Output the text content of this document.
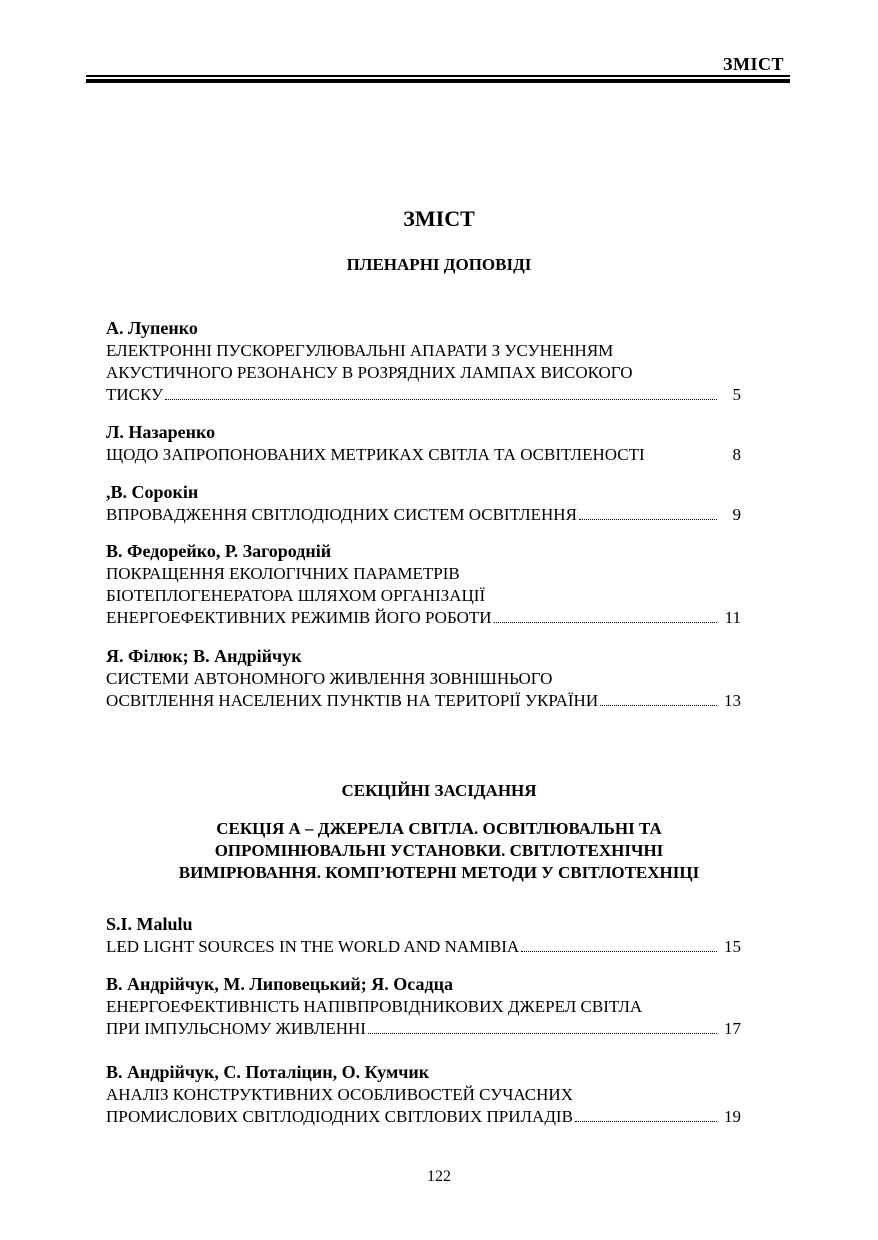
ЗМІСТ
ЗМІСТ
ПЛЕНАРНІ ДОПОВІДІ
А. Лупенко
ЕЛЕКТРОННІ ПУСКОРЕГУЛЮВАЛЬНІ АПАРАТИ З УСУНЕННЯМ
АКУСТИЧНОГО РЕЗОНАНСУ В РОЗРЯДНИХ ЛАМПАХ ВИСОКОГО
ТИСКУ	5
Л. Назаренко
ЩОДО ЗАПРОПОНОВАНИХ МЕТРИКАХ СВІТЛА ТА ОСВІТЛЕНОСТІ	8
,В. Сорокін
ВПРОВАДЖЕННЯ СВІТЛОДІОДНИХ СИСТЕМ ОСВІТЛЕННЯ	9
В. Федорейко, Р. Загородній
ПОКРАЩЕННЯ ЕКОЛОГІЧНИХ ПАРАМЕТРІВ
БІОТЕПЛОГЕНЕРАТОРА ШЛЯХОМ ОРГАНІЗАЦІЇ
ЕНЕРГОЕФЕКТИВНИХ РЕЖИМІВ ЙОГО РОБОТИ	11
Я. Філюк; В. Андрійчук
СИСТЕМИ АВТОНОМНОГО ЖИВЛЕННЯ ЗОВНІШНЬОГО
ОСВІТЛЕННЯ НАСЕЛЕНИХ ПУНКТІВ НА ТЕРИТОРІЇ УКРАЇНИ	13
СЕКЦІЙНІ ЗАСІДАННЯ
СЕКЦІЯ А – ДЖЕРЕЛА СВІТЛА. ОСВІТЛЮВАЛЬНІ ТА
ОПРОМІНЮВАЛЬНІ УСТАНОВКИ. СВІТЛОТЕХНІЧНІ
ВИМІРЮВАННЯ. КОМП’ЮТЕРНІ МЕТОДИ У СВІТЛОТЕХНІЦІ
S.I. Malulu
LED LIGHT SOURCES IN THE WORLD AND NAMIBIA	15
В. Андрійчук, М. Липовецький; Я. Осадца
ЕНЕРГОЕФЕКТИВНІСТЬ НАПІВПРОВІДНИКОВИХ ДЖЕРЕЛ СВІТЛА
ПРИ ІМПУЛЬСНОМУ ЖИВЛЕННІ	17
В. Андрійчук, С. Поталіцин, О. Кумчик
АНАЛІЗ КОНСТРУКТИВНИХ ОСОБЛИВОСТЕЙ СУЧАСНИХ
ПРОМИСЛОВИХ СВІТЛОДІОДНИХ СВІТЛОВИХ ПРИЛАДІВ	19
122
